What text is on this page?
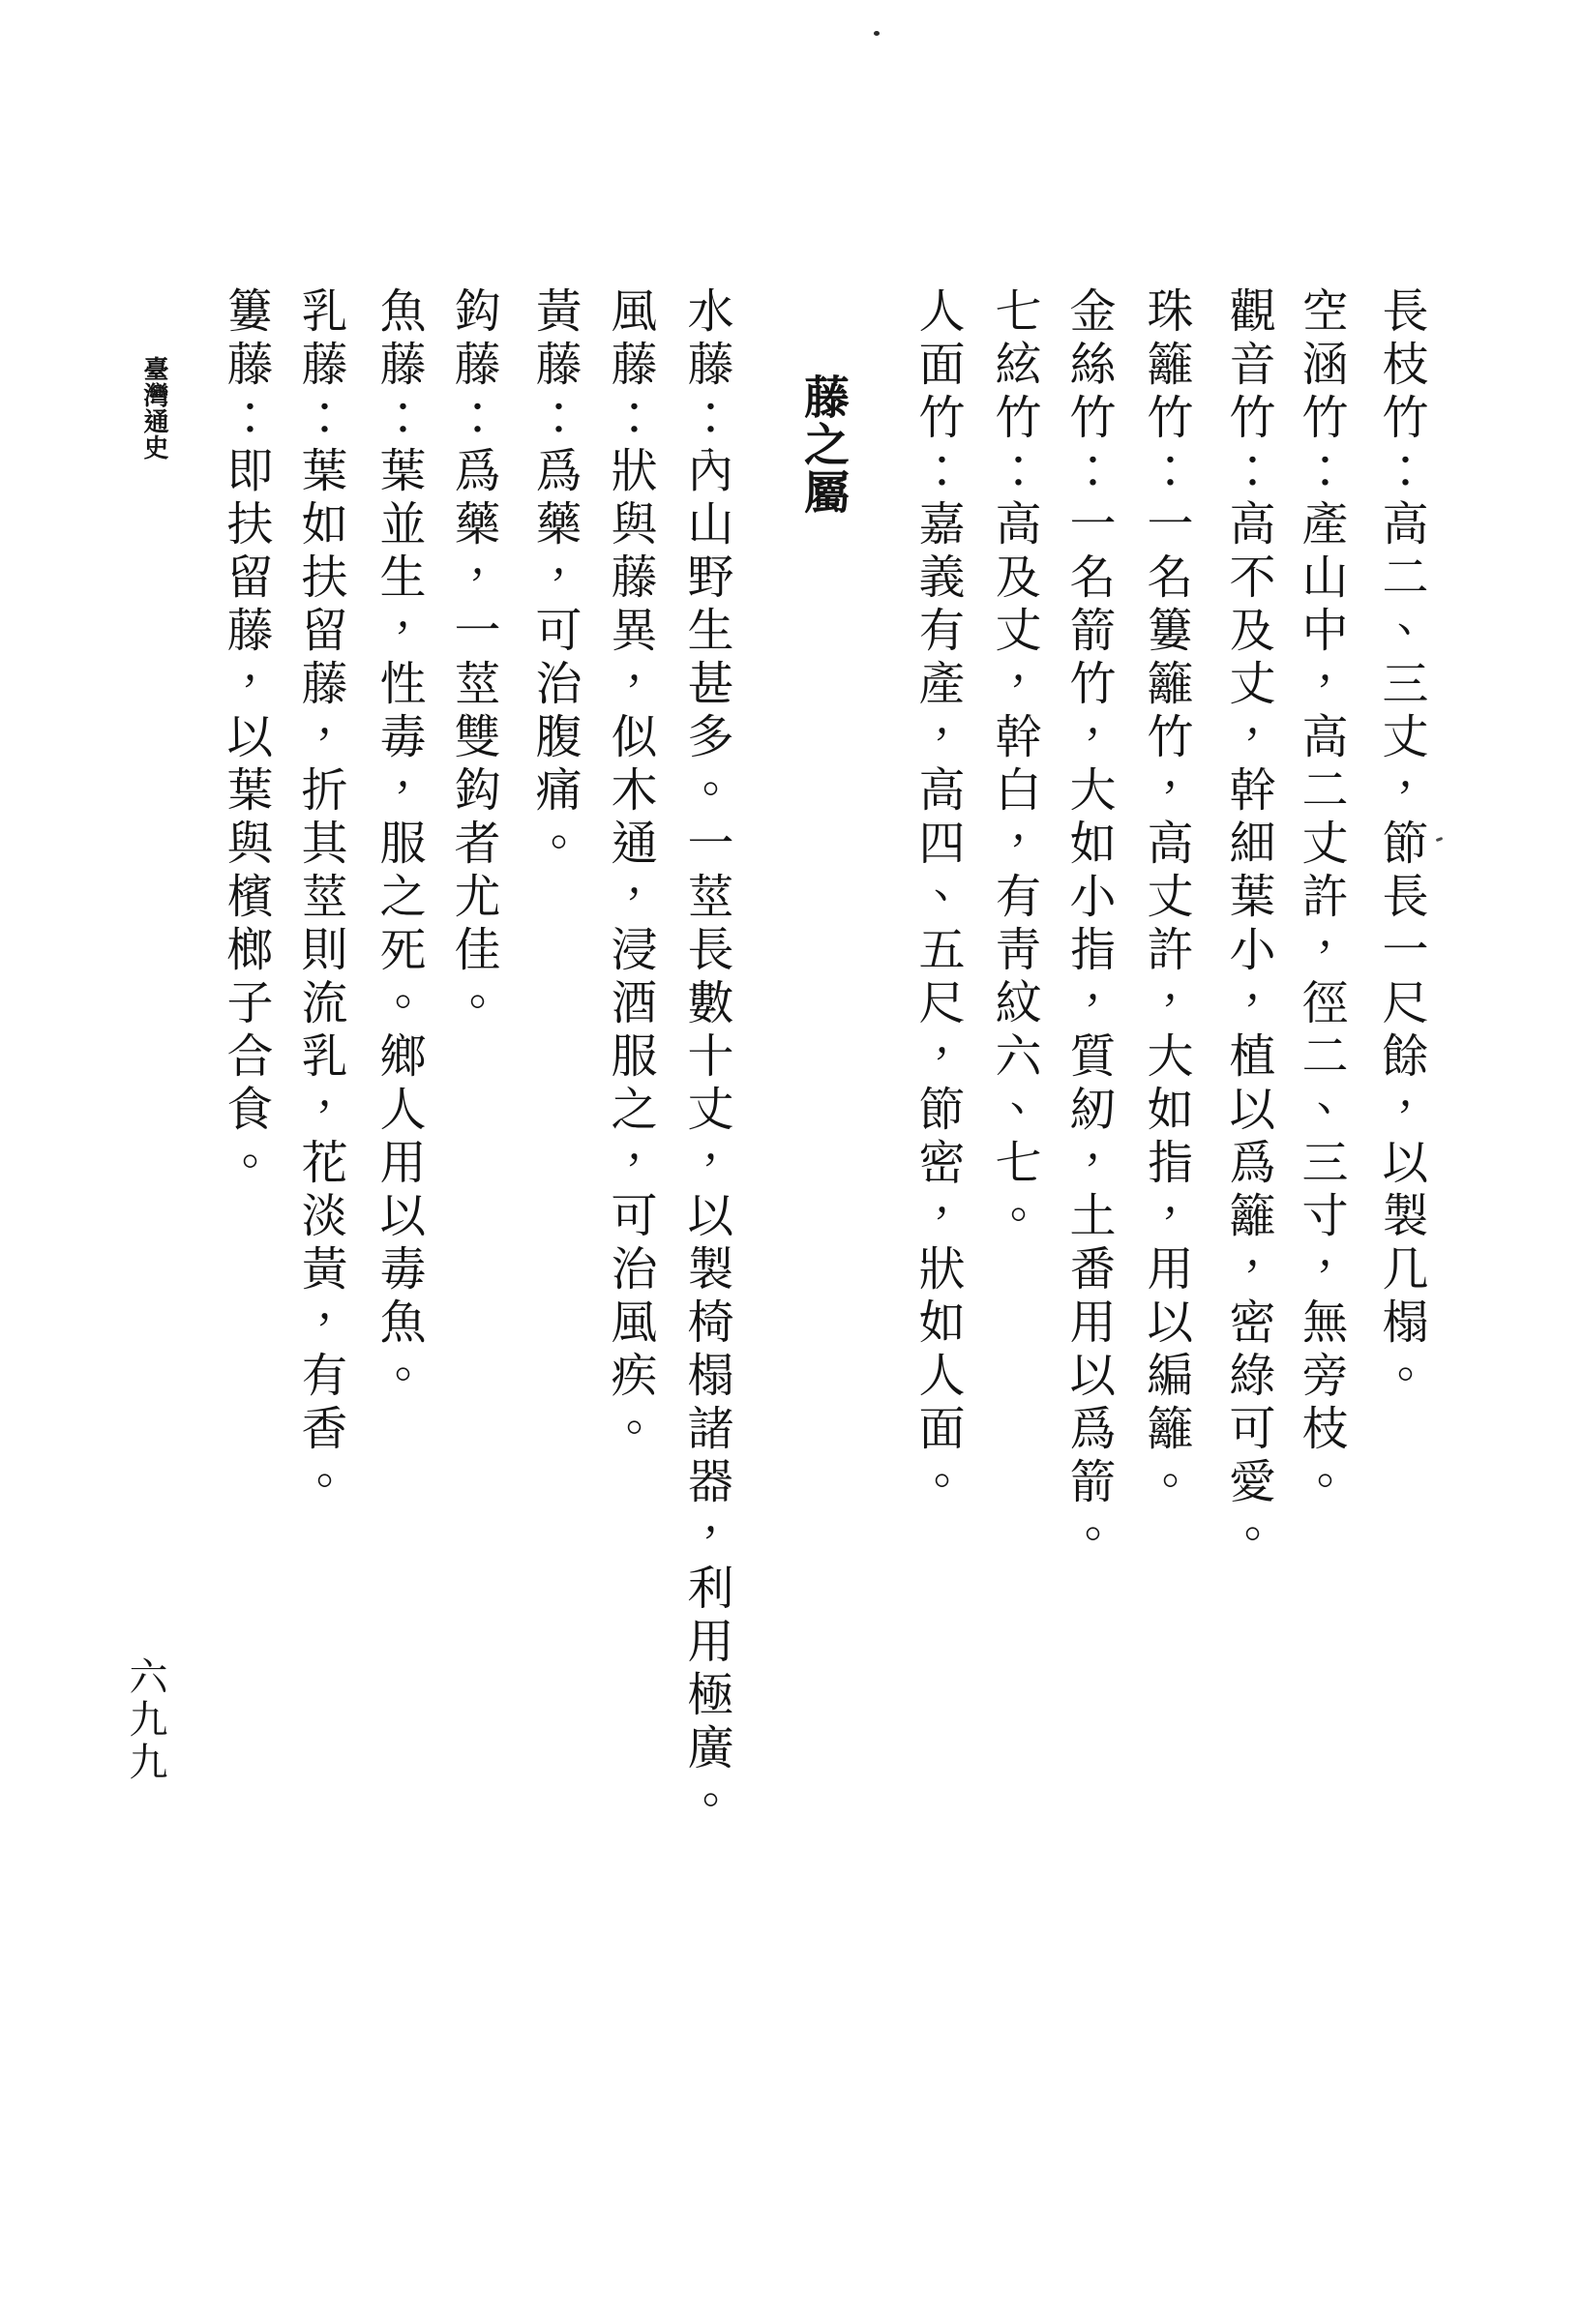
長枝竹：高二、三丈，節長一尺餘，以製几榻。
空涵竹：產山中，高二丈許，徑二、三寸，無旁枝。
觀音竹：高不及丈，幹細葉小，植以爲籬，密綠可愛。
珠籬竹：一名簍籬竹，高丈許，大如指，用以編籬。
金絲竹：一名箭竹，大如小指，質紉，土番用以爲箭。
七絃竹：高及丈，幹白，有靑紋六、七。
人面竹：嘉義有產，高四、五尺，節密，狀如人面。
藤之屬
水藤：內山野生甚多。一莖長數十丈，以製椅榻諸器，利用極廣。
風藤：狀與藤異，似木通，浸酒服之，可治風疾。
黃藤：爲藥，可治腹痛。
鈎藤：爲藥，一莖雙鈎者尤佳。
魚藤：葉並生，性毒，服之死。鄉人用以毒魚。
乳藤：葉如扶留藤，折其莖則流乳，花淡黃，有香。
簍藤：即扶留藤，以葉與檳榔子合食。
臺灣通史
六九九
